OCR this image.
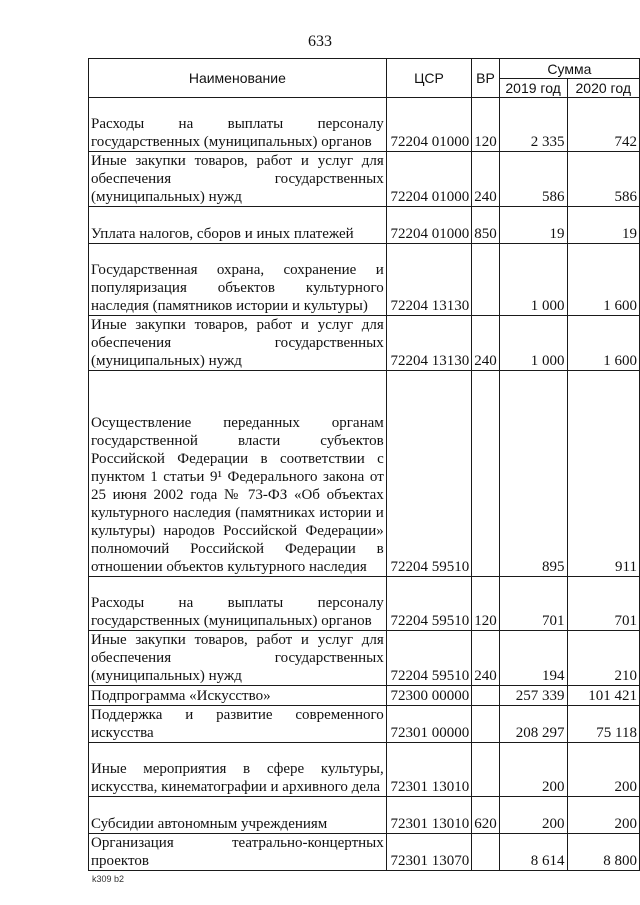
633
Наименование	ЦСР	ВР	Сумма	
			2019 год	2020 год
Расходы на выплаты персоналу государственных (муниципальных) органов	72204 01000	120	2 335	742
Иные закупки товаров, работ и услуг для обеспечения государственных (муниципальных) нужд	72204 01000	240	586	586
Уплата налогов, сборов и иных платежей	72204 01000	850	19	19
Государственная охрана, сохранение и популяризация объектов культурного наследия (памятников истории и культуры)	72204 13130		1 000	1 600
Иные закупки товаров, работ и услуг для обеспечения государственных (муниципальных) нужд	72204 13130	240	1 000	1 600
Осуществление переданных органам государственной власти субъектов Российской Федерации в соответствии с пунктом 1 статьи 9¹ Федерального закона от 25 июня 2002 года № 73-ФЗ «Об объектах культурного наследия (памятниках истории и культуры) народов Российской Федерации» полномочий Российской Федерации в отношении объектов культурного наследия	72204 59510		895	911
Расходы на выплаты персоналу государственных (муниципальных) органов	72204 59510	120	701	701
Иные закупки товаров, работ и услуг для обеспечения государственных (муниципальных) нужд	72204 59510	240	194	210
Подпрограмма «Искусство»	72300 00000		257 339	101 421
Поддержка и развитие современного искусства	72301 00000		208 297	75 118
Иные мероприятия в сфере культуры, искусства, кинематографии и архивного дела	72301 13010		200	200
Субсидии автономным учреждениям	72301 13010	620	200	200
Организация театрально-концертных проектов	72301 13070		8 614	8 800
k309 b2
